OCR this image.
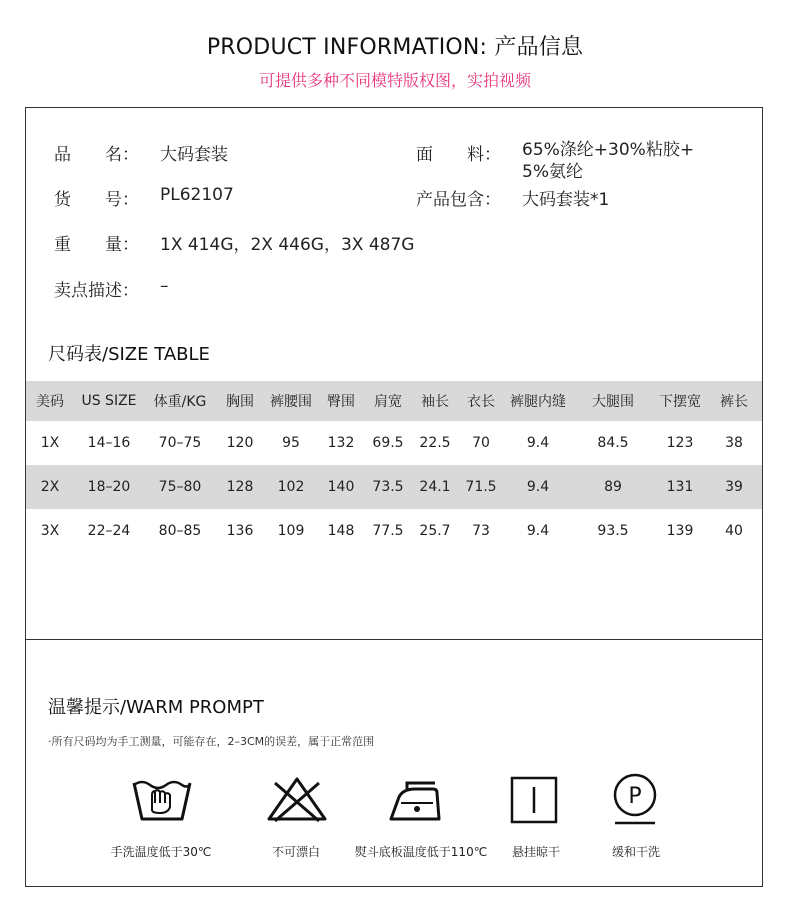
PRODUCT INFORMATION: 产品信息
可提供多种不同模特版权图，实拍视频
品　　名：	大码套装
货　　号：	PL62107
重　　量：	1X 414G，2X 446G，3X 487G
卖点描述： –
面　　料： 65%涤纶+30%粘胶+
5%氨纶
产品包含： 大码套装*1
尺码表/SIZE TABLE
美码	US SIZE	体重/KG	胸围	裤腰围	臀围	肩宽	袖长	衣长	裤腿内缝	大腿围	下摆宽	裤长
1X	14–16	70–75	120	95	132	69.5	22.5	70	9.4	84.5	123	38
2X	18–20	75–80	128	102	140	73.5	24.1	71.5	9.4	89	131	39
3X	22–24	80–85	136	109	148	77.5	25.7	73	9.4	93.5	139	40
温馨提示/WARM PROMPT
·所有尺码均为手工测量，可能存在，2–3CM的误差，属于正常范围
P
手洗温度低于30℃	不可漂白	熨斗底板温度低于110℃	悬挂晾干	缓和干洗
